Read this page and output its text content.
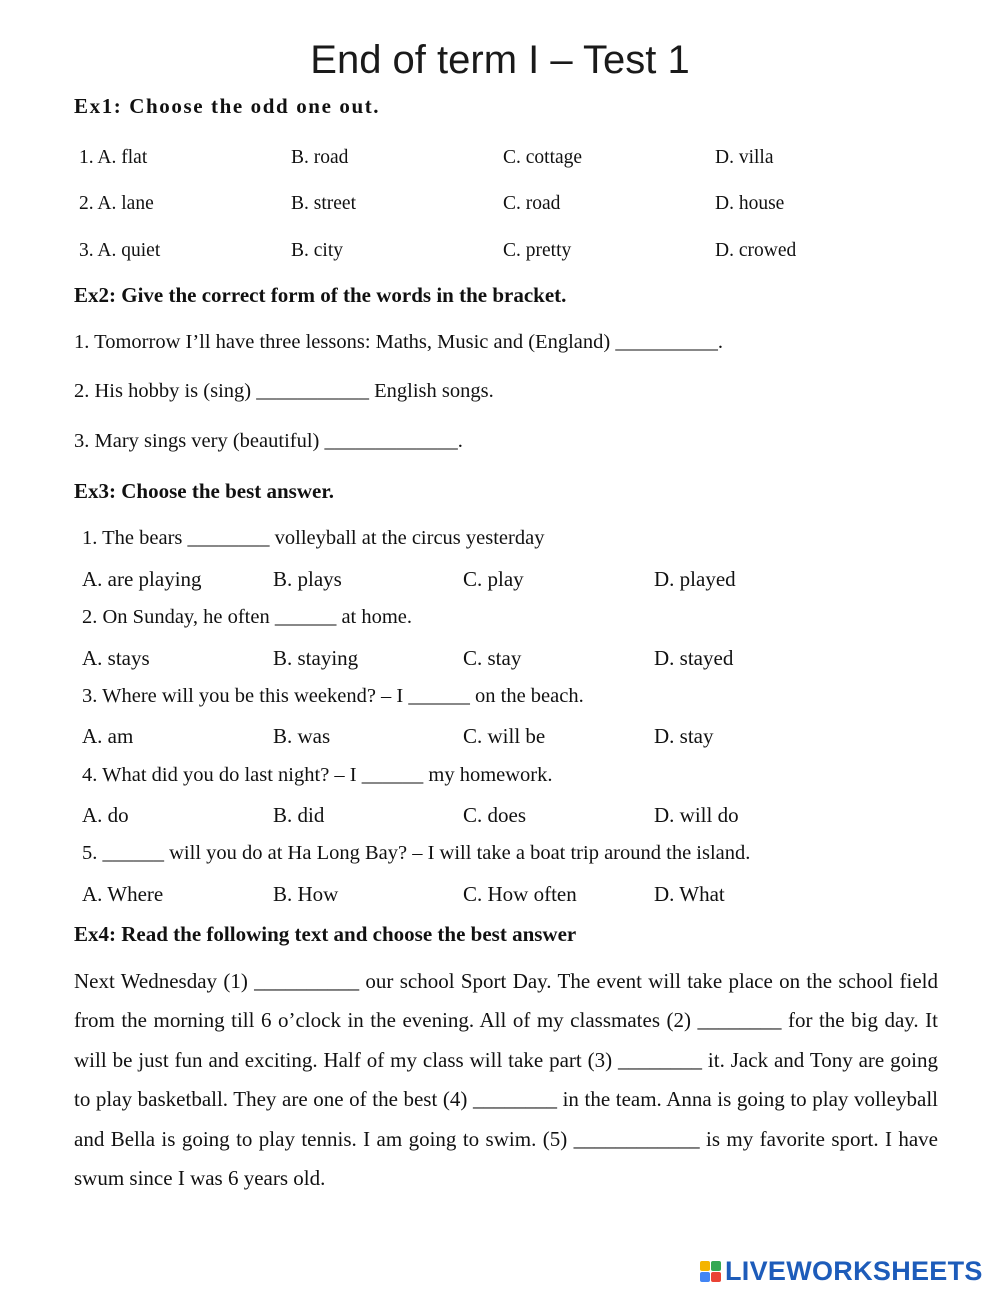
End of term I – Test 1
Ex1: Choose the odd one out.
1. A. flat	B. road	C. cottage	D. villa
2. A. lane	B. street	C. road	D. house
3. A. quiet	B. city	C. pretty	D. crowed
Ex2: Give the correct form of the words in the bracket.
1. Tomorrow I’ll have three lessons: Maths, Music and (England) __________.
2. His hobby is (sing) ___________ English songs.
3. Mary sings very (beautiful) _____________.
Ex3: Choose the best answer.
1. The bears ________ volleyball at the circus yesterday
A. are playing	B. plays	C. play	D. played
2. On Sunday, he often ______ at home.
A. stays	B. staying	C. stay	D. stayed
3. Where will you be this weekend? – I ______ on the beach.
A. am	B. was	C. will be	D. stay
4. What did you do last night? – I ______ my homework.
A. do	B. did	C. does	D. will do
5. ______ will you do at Ha Long Bay? – I will take a boat trip around the island.
A. Where	B. How	C. How often	D. What
Ex4: Read the following text and choose the best answer
Next Wednesday (1) __________ our school Sport Day. The event will take place on the school field from the morning till 6 o’clock in the evening. All of my classmates (2) ________ for the big day. It will be just fun and exciting. Half of my class will take part (3) ________ it. Jack and Tony are going to play basketball. They are one of the best (4) ________ in the team. Anna is going to play volleyball and Bella is going to play tennis. I am going to swim. (5) ____________ is my favorite sport. I have swum since I was 6 years old.
LIVEWORKSHEETS
